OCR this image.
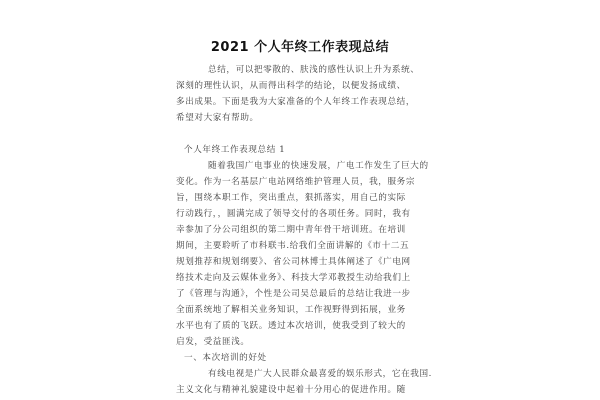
2021 个人年终工作表现总结
总结，可以把零散的、肤浅的感性认识上升为系统、
深刻的理性认识，从而得出科学的结论，以便发扬成绩、
多出成果。下面是我为大家准备的个人年终工作表现总结，
希望对大家有帮助。
个人年终工作表现总结 1
随着我国广电事业的快速发展，广电工作发生了巨大的
变化。作为一名基层广电站网络维护管理人员，我，服务宗
旨，围绕本职工作，突出重点，狠抓落实，用自己的实际
行动践行，，圆满完成了领导交付的各项任务。同时，我有
幸参加了分公司组织的第二期中青年骨干培训班。在培训
期间，主要聆听了市科联韦.给我们全面讲解的《市十二五
规划推荐和规划纲要》、省公司林博士具体阐述了《广电网
络技术走向及云媒体业务》、科技大学邓教授生动给我们上
了《管理与沟通》，个性是公司吴总最后的总结让我进一步
全面系统地了解相关业务知识，工作视野得到拓展，业务
水平也有了质的飞跃。透过本次培训，使我受到了较大的
启发，受益匪浅。
一、本次培训的好处
有线电视是广大人民群众最喜爱的娱乐形式，它在我国.
主义文化与精神礼貌建设中起着十分用心的促进作用。随
